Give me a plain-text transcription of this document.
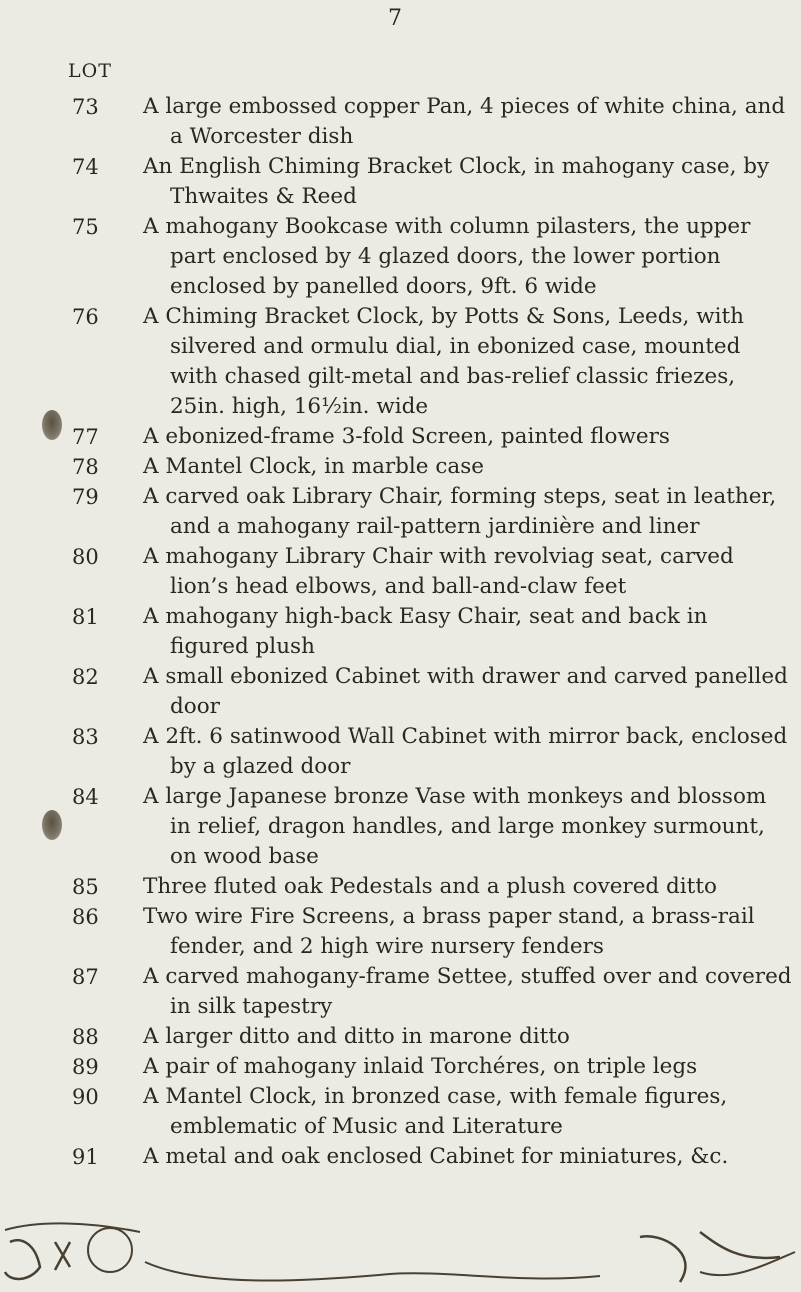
7
LOT
73	A large embossed copper Pan, 4 pieces of white china, and
a Worcester dish
74	An English Chiming Bracket Clock, in mahogany case, by
Thwaites & Reed
75	A mahogany Bookcase with column pilasters, the upper
part enclosed by 4 glazed doors, the lower portion
enclosed by panelled doors, 9ft. 6 wide
76	A Chiming Bracket Clock, by Potts & Sons, Leeds, with
silvered and ormulu dial, in ebonized case, mounted
with chased gilt-metal and bas-relief classic friezes,
25in. high, 16½in. wide
77	A ebonized-frame 3-fold Screen, painted flowers
78	A Mantel Clock, in marble case
79	A carved oak Library Chair, forming steps, seat in leather,
and a mahogany rail-pattern jardinière and liner
80	A mahogany Library Chair with revolviag seat, carved
lion’s head elbows, and ball-and-claw feet
81	A mahogany high-back Easy Chair, seat and back in
figured plush
82	A small ebonized Cabinet with drawer and carved panelled
door
83	A 2ft. 6 satinwood Wall Cabinet with mirror back, enclosed
by a glazed door
84	A large Japanese bronze Vase with monkeys and blossom
in relief, dragon handles, and large monkey surmount,
on wood base
85	Three fluted oak Pedestals and a plush covered ditto
86	Two wire Fire Screens, a brass paper stand, a brass-rail
fender, and 2 high wire nursery fenders
87	A carved mahogany-frame Settee, stuffed over and covered
in silk tapestry
88	A larger ditto and ditto in marone ditto
89	A pair of mahogany inlaid Torchéres, on triple legs
90	A Mantel Clock, in bronzed case, with female figures,
emblematic of Music and Literature
91	A metal and oak enclosed Cabinet for miniatures, &c.
